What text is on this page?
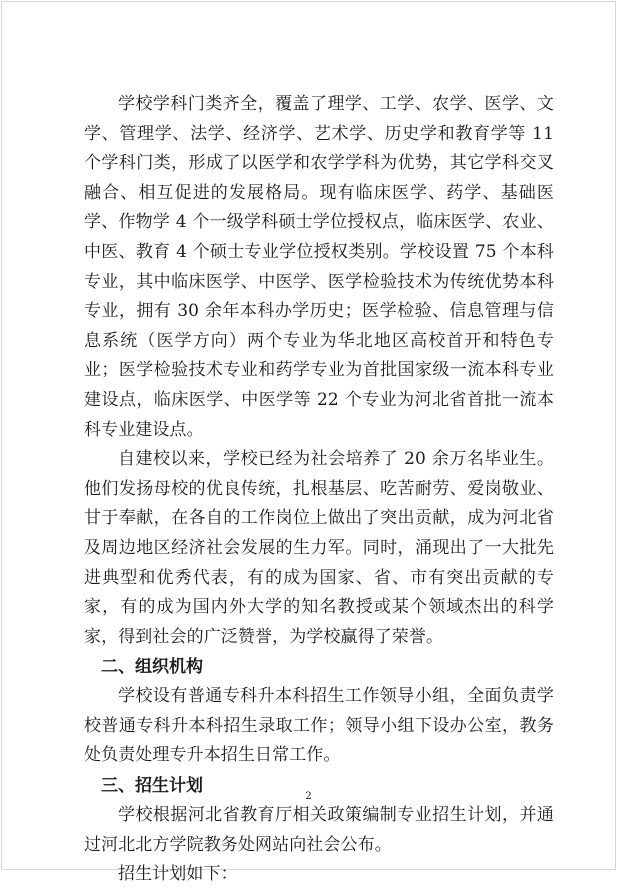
学校学科门类齐全，覆盖了理学、工学、农学、医学、文学、管理学、法学、经济学、艺术学、历史学和教育学等 11 个学科门类，形成了以医学和农学学科为优势，其它学科交叉融合、相互促进的发展格局。现有临床医学、药学、基础医学、作物学 4 个一级学科硕士学位授权点，临床医学、农业、中医、教育 4 个硕士专业学位授权类别。学校设置 75 个本科专业，其中临床医学、中医学、医学检验技术为传统优势本科专业，拥有 30 余年本科办学历史；医学检验、信息管理与信息系统（医学方向）两个专业为华北地区高校首开和特色专业；医学检验技术专业和药学专业为首批国家级一流本科专业建设点，临床医学、中医学等 22 个专业为河北省首批一流本科专业建设点。

自建校以来，学校已经为社会培养了 20 余万名毕业生。他们发扬母校的优良传统，扎根基层、吃苦耐劳、爱岗敬业、甘于奉献，在各自的工作岗位上做出了突出贡献，成为河北省及周边地区经济社会发展的生力军。同时，涌现出了一大批先进典型和优秀代表，有的成为国家、省、市有突出贡献的专家，有的成为国内外大学的知名教授或某个领域杰出的科学家，得到社会的广泛赞誉，为学校赢得了荣誉。

二、组织机构

学校设有普通专科升本科招生工作领导小组，全面负责学校普通专科升本科招生录取工作；领导小组下设办公室，教务处负责处理专升本招生日常工作。

三、招生计划

学校根据河北省教育厅相关政策编制专业招生计划，并通过河北北方学院教务处网站向社会公布。

招生计划如下：

2
